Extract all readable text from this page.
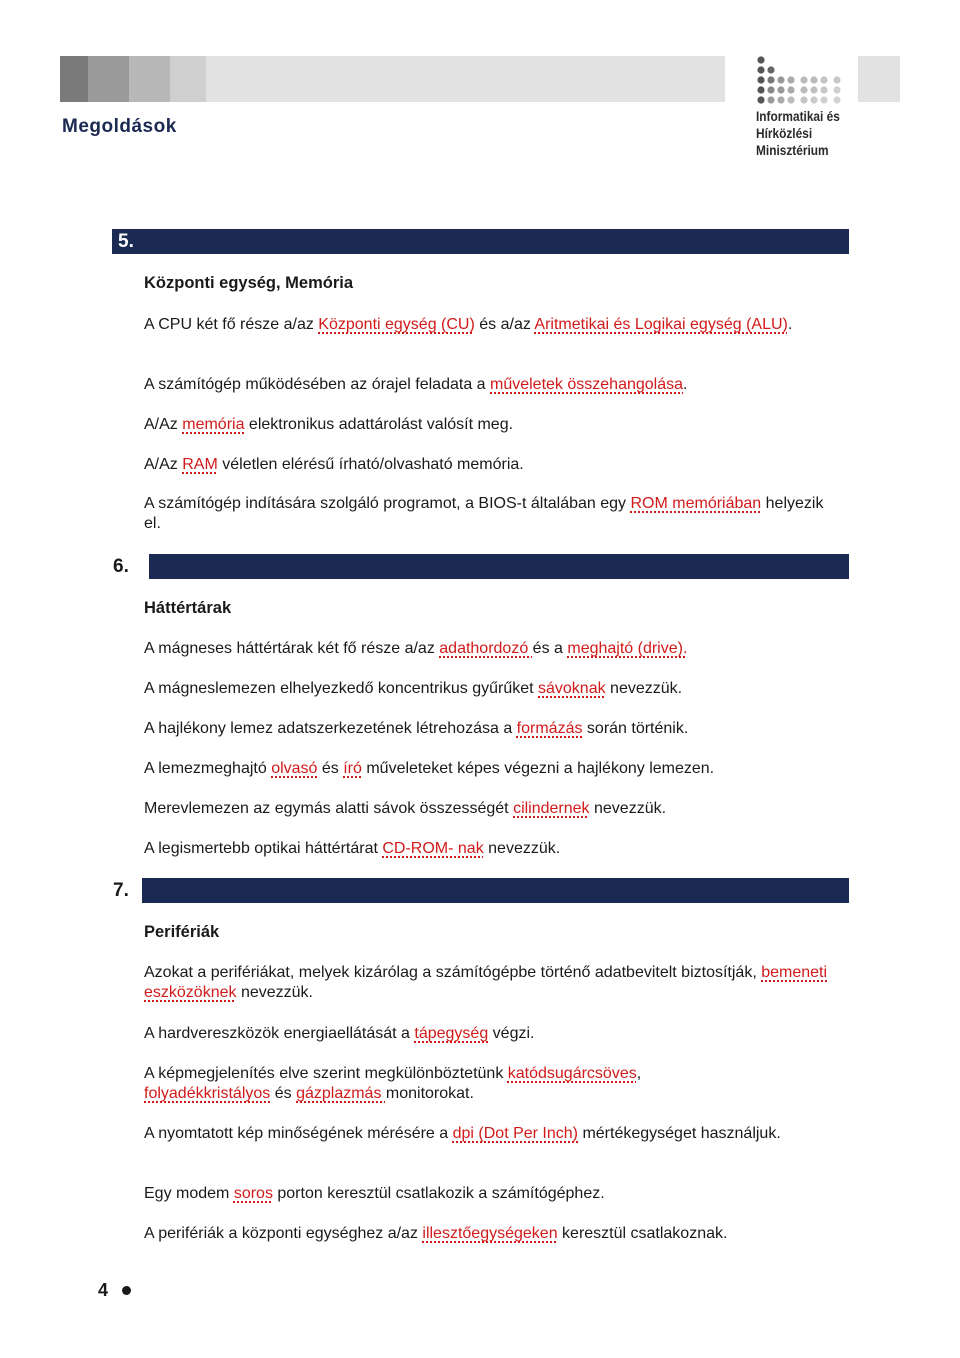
Megoldások	Informatikai és
Hírközlési
Minisztérium
5.
Központi egység, Memória

A CPU két fő része a/az Központi egység (CU) és a/az Aritmetikai és Logikai egység (ALU).

A számítógép működésében az órajel feladata a műveletek összehangolása.

A/Az memória elektronikus adattárolást valósít meg.

A/Az RAM véletlen elérésű írható/olvasható memória.

A számítógép indítására szolgáló programot, a BIOS-t általában egy ROM memóriában helyezik el.

6.
Háttértárak

A mágneses háttértárak két fő része a/az adathordozó és a meghajtó (drive).

A mágneslemezen elhelyezkedő koncentrikus gyűrűket sávoknak nevezzük.

A hajlékony lemez adatszerkezetének létrehozása a formázás során történik.

A lemezmeghajtó olvasó és író műveleteket képes végezni a hajlékony lemezen.

Merevlemezen az egymás alatti sávok összességét cilindernek nevezzük.

A legismertebb optikai háttértárat CD-ROM- nak nevezzük.

7.
Perifériák

Azokat a perifériákat, melyek kizárólag a számítógépbe történő adatbevitelt biztosítják, bemeneti eszközöknek nevezzük.

A hardvereszközök energiaellátását a tápegység végzi.

A képmegjelenítés elve szerint megkülönböztetünk katódsugárcsöves,
folyadékkristályos és gázplazmás monitorokat.

A nyomtatott kép minőségének mérésére a dpi (Dot Per Inch) mértékegységet használjuk.

Egy modem soros porton keresztül csatlakozik a számítógéphez.

A perifériák a központi egységhez a/az illesztőegységeken keresztül csatlakoznak.

4
